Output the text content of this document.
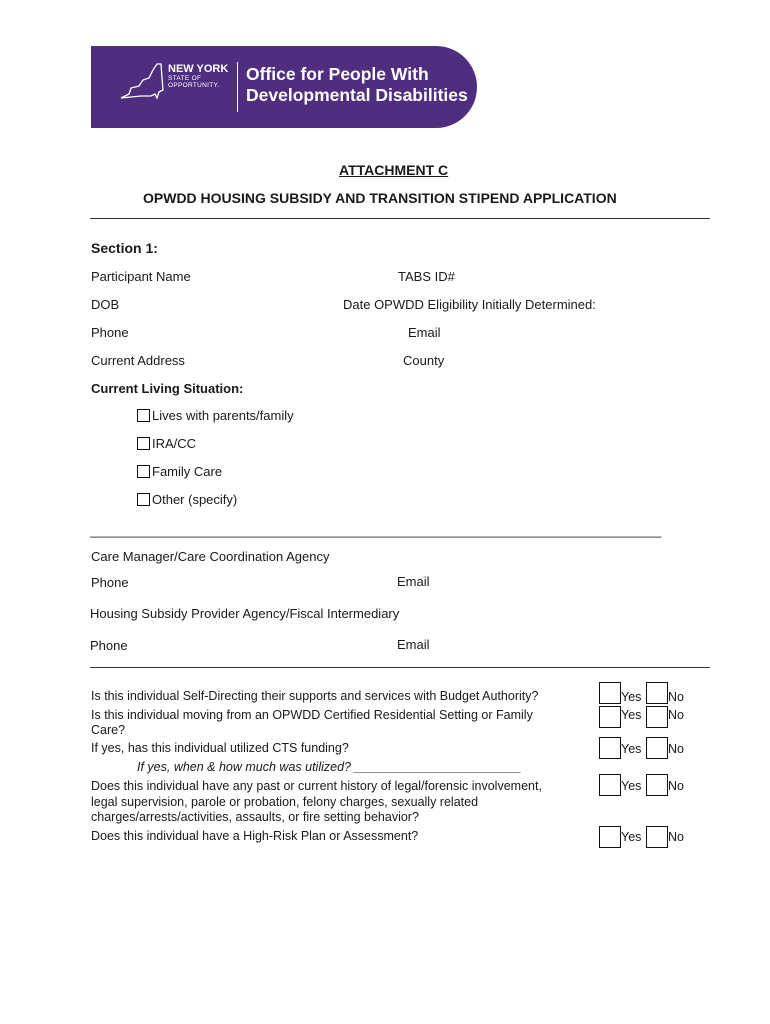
NEW YORK
STATE OF
OPPORTUNITY.
Office for People With
Developmental Disabilities
ATTACHMENT C
OPWDD HOUSING SUBSIDY AND TRANSITION STIPEND APPLICATION
Section 1:
Participant Name	TABS ID#
DOB	Date OPWDD Eligibility Initially Determined:
Phone	Email
Current Address	County
Current Living Situation:
Lives with parents/family
IRA/CC
Family Care
Other (specify)
_______________________________________________________________________________
Care Manager/Care Coordination Agency
Phone	Email
Housing Subsidy Provider Agency/Fiscal Intermediary
Phone	Email
Is this individual Self-Directing their supports and services with Budget Authority?	Yes No
Is this individual moving from an OPWDD Certified Residential Setting or Family
Care?
Yes No
If yes, has this individual utilized CTS funding?	Yes No
If yes, when & how much was utilized? ________________________
Does this individual have any past or current history of legal/forensic involvement,
legal supervision, parole or probation, felony charges, sexually related
charges/arrests/activities, assaults, or fire setting behavior?
Yes No
Does this individual have a High-Risk Plan or Assessment?	Yes No
